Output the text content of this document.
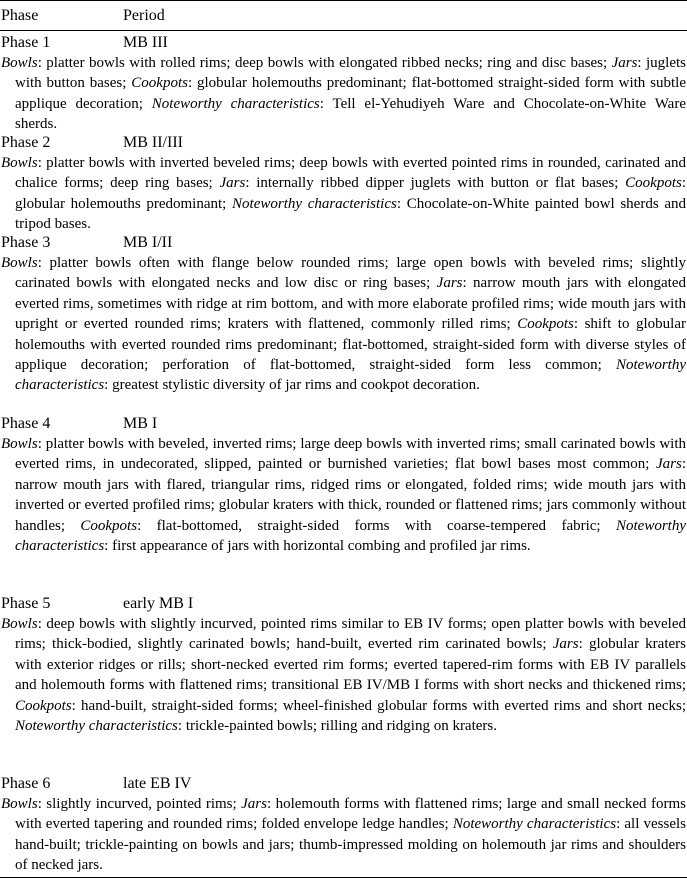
Phase	Period
Phase 1	MB III
Bowls: platter bowls with rolled rims; deep bowls with elongated ribbed necks; ring and disc bases; Jars: juglets with button bases; Cookpots: globular holemouths predominant; flat-bottomed straight-sided form with subtle applique decoration; Noteworthy characteristics: Tell el-Yehudiyeh Ware and Chocolate-on-White Ware sherds.
Phase 2	MB II/III
Bowls: platter bowls with inverted beveled rims; deep bowls with everted pointed rims in rounded, carinated and chalice forms; deep ring bases; Jars: internally ribbed dipper juglets with button or flat bases; Cookpots: globular holemouths predominant; Noteworthy characteristics: Chocolate-on-White painted bowl sherds and tripod bases.
Phase 3	MB I/II
Bowls: platter bowls often with flange below rounded rims; large open bowls with beveled rims; slightly carinated bowls with elongated necks and low disc or ring bases; Jars: narrow mouth jars with elongated everted rims, sometimes with ridge at rim bottom, and with more elaborate profiled rims; wide mouth jars with upright or everted rounded rims; kraters with flattened, commonly rilled rims; Cookpots: shift to globular holemouths with everted rounded rims predominant; flat-bottomed, straight-sided form with diverse styles of applique decoration; perforation of flat-bottomed, straight-sided form less common; Noteworthy characteristics: greatest stylistic diversity of jar rims and cookpot decoration.
Phase 4	MB I
Bowls: platter bowls with beveled, inverted rims; large deep bowls with inverted rims; small carinated bowls with everted rims, in undecorated, slipped, painted or burnished varieties; flat bowl bases most common; Jars: narrow mouth jars with flared, triangular rims, ridged rims or elongated, folded rims; wide mouth jars with inverted or everted profiled rims; globular kraters with thick, rounded or flattened rims; jars commonly without handles; Cookpots: flat-bottomed, straight-sided forms with coarse-tempered fabric; Noteworthy characteristics: first appearance of jars with horizontal combing and profiled jar rims.
Phase 5	early MB I
Bowls: deep bowls with slightly incurved, pointed rims similar to EB IV forms; open platter bowls with beveled rims; thick-bodied, slightly carinated bowls; hand-built, everted rim carinated bowls; Jars: globular kraters with exterior ridges or rills; short-necked everted rim forms; everted tapered-rim forms with EB IV parallels and holemouth forms with flattened rims; transitional EB IV/MB I forms with short necks and thickened rims; Cookpots: hand-built, straight-sided forms; wheel-finished globular forms with everted rims and short necks; Noteworthy characteristics: trickle-painted bowls; rilling and ridging on kraters.
Phase 6	late EB IV
Bowls: slightly incurved, pointed rims; Jars: holemouth forms with flattened rims; large and small necked forms with everted tapering and rounded rims; folded envelope ledge handles; Noteworthy characteristics: all vessels hand-built; trickle-painting on bowls and jars; thumb-impressed molding on holemouth jar rims and shoulders of necked jars.
